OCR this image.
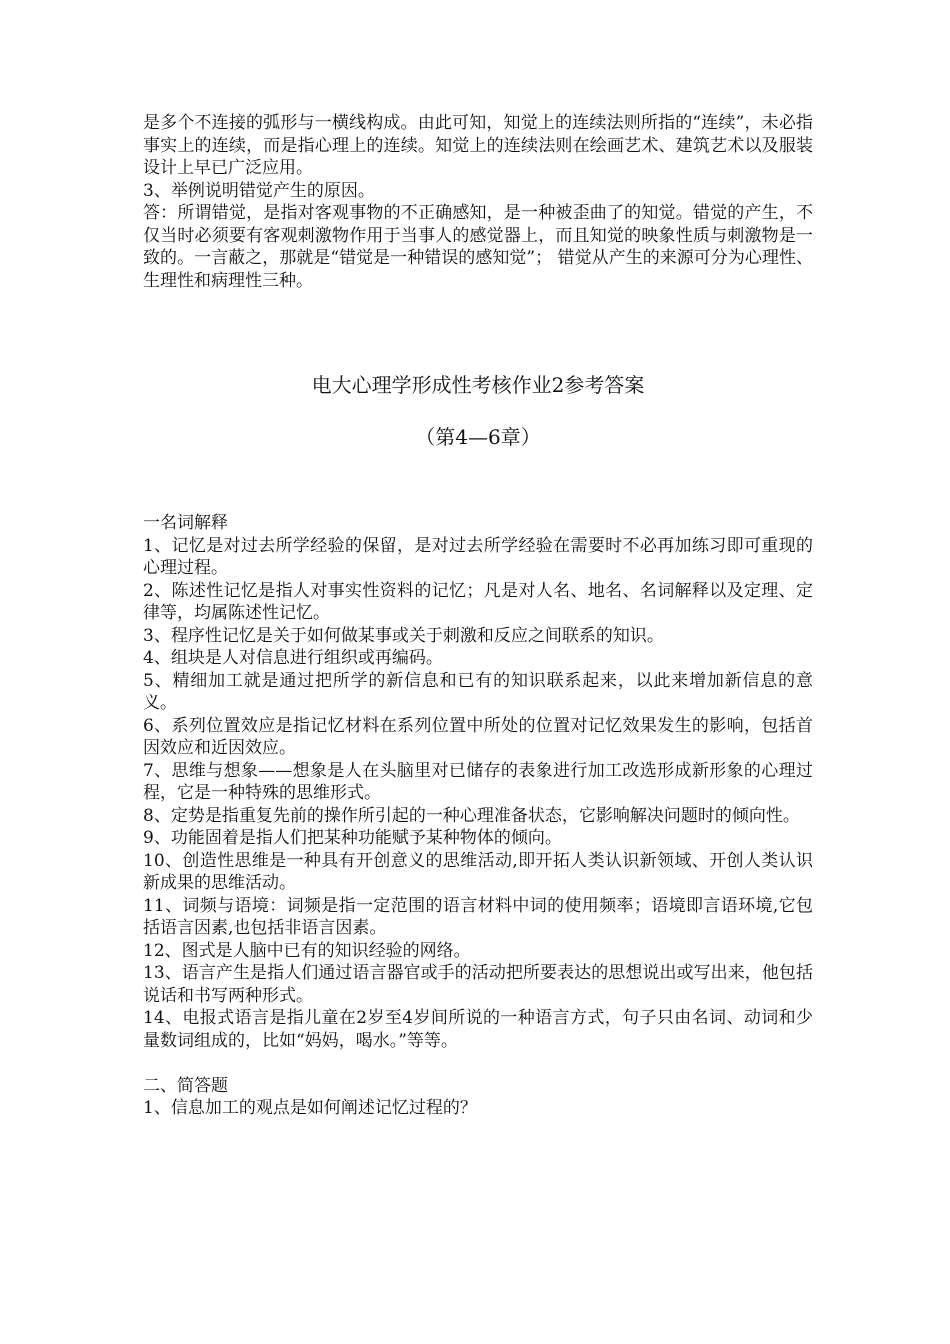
是多个不连接的弧形与一横线构成。由此可知，知觉上的连续法则所指的“连续”，未必指事实上的连续，而是指心理上的连续。知觉上的连续法则在绘画艺术、建筑艺术以及服装设计上早已广泛应用。

3、举例说明错觉产生的原因。

答：所谓错觉，是指对客观事物的不正确感知，是一种被歪曲了的知觉。错觉的产生，不仅当时必须要有客观刺激物作用于当事人的感觉器上，而且知觉的映象性质与刺激物是一致的。一言蔽之，那就是“错觉是一种错误的感知觉”； 错觉从产生的来源可分为心理性、生理性和病理性三种。

电大心理学形成性考核作业2参考答案

（第4—6章）

一名词解释

1、记忆是对过去所学经验的保留，是对过去所学经验在需要时不必再加练习即可重现的心理过程。

2、陈述性记忆是指人对事实性资料的记忆；凡是对人名、地名、名词解释以及定理、定律等，均属陈述性记忆。

3、程序性记忆是关于如何做某事或关于刺激和反应之间联系的知识。

4、组块是人对信息进行组织或再编码。

5、精细加工就是通过把所学的新信息和已有的知识联系起来，以此来增加新信息的意义。

6、系列位置效应是指记忆材料在系列位置中所处的位置对记忆效果发生的影响，包括首因效应和近因效应。

7、思维与想象——想象是人在头脑里对已储存的表象进行加工改选形成新形象的心理过程，它是一种特殊的思维形式。

8、定势是指重复先前的操作所引起的一种心理准备状态，它影响解决问题时的倾向性。

9、功能固着是指人们把某种功能赋予某种物体的倾向。

10、创造性思维是一种具有开创意义的思维活动,即开拓人类认识新领域、开创人类认识新成果的思维活动。

11、词频与语境：词频是指一定范围的语言材料中词的使用频率；语境即言语环境,它包括语言因素,也包括非语言因素。

12、图式是人脑中已有的知识经验的网络。

13、语言产生是指人们通过语言器官或手的活动把所要表达的思想说出或写出来，他包括说话和书写两种形式。

14、电报式语言是指儿童在2岁至4岁间所说的一种语言方式，句子只由名词、动词和少量数词组成的，比如“妈妈，喝水。”等等。

二、简答题

1、信息加工的观点是如何阐述记忆过程的？
